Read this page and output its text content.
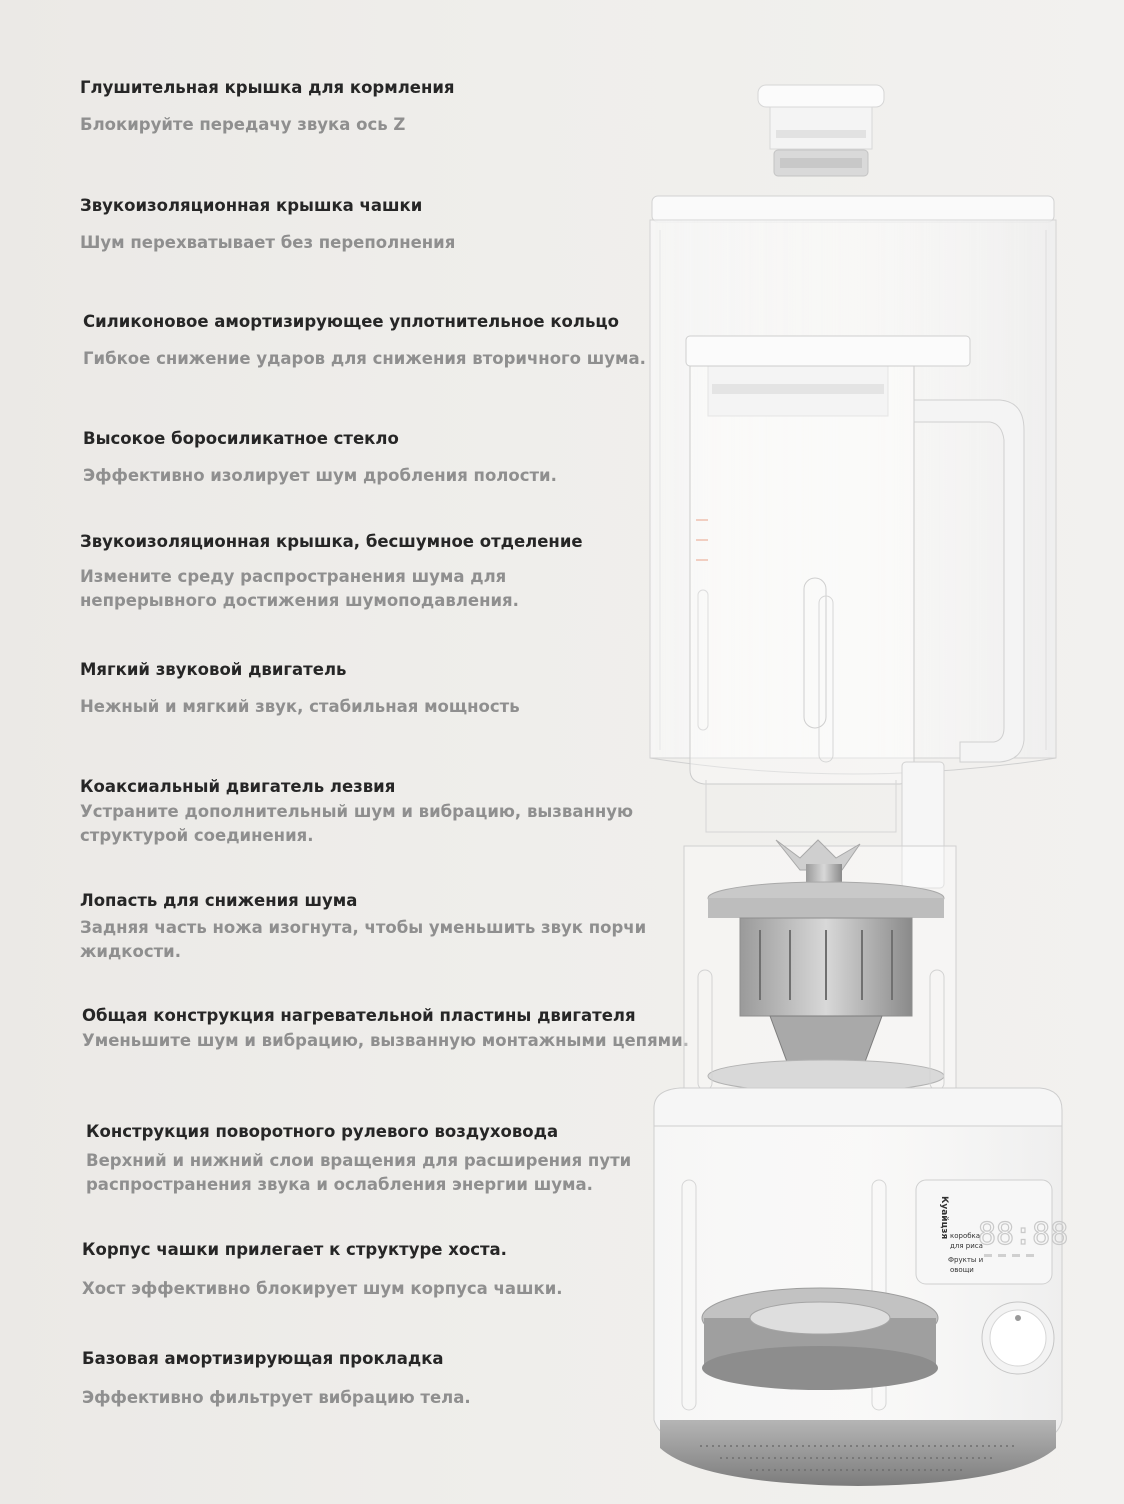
Глушительная крышка для кормления
Блокируйте передачу звука ось Z
Звукоизоляционная крышка чашки
Шум перехватывает без переполнения
Силиконовое амортизирующее уплотнительное кольцо
Гибкое снижение ударов для снижения вторичного шума.
Высокое боросиликатное стекло
Эффективно изолирует шум дробления полости.
Звукоизоляционная крышка, бесшумное отделение
Измените среду распространения шума для
непрерывного достижения шумоподавления.
Мягкий звуковой двигатель
Нежный и мягкий звук, стабильная мощность
Коаксиальный двигатель лезвия
Устраните дополнительный шум и вибрацию, вызванную
структурой соединения.
Лопасть для снижения шума
Задняя часть ножа изогнута, чтобы уменьшить звук порчи
жидкости.
Общая конструкция нагревательной пластины двигателя
Уменьшите шум и вибрацию, вызванную монтажными цепями.
Конструкция поворотного рулевого воздуховода
Верхний и нижний слои вращения для расширения пути
распространения звука и ослабления энергии шума.
Корпус чашки прилегает к структуре хоста.
Хост эффективно блокирует шум корпуса чашки.
Базовая амортизирующая прокладка
Эффективно фильтрует вибрацию тела.
Куайцзя коробка
для риса
Фрукты и
овощи
88:88
